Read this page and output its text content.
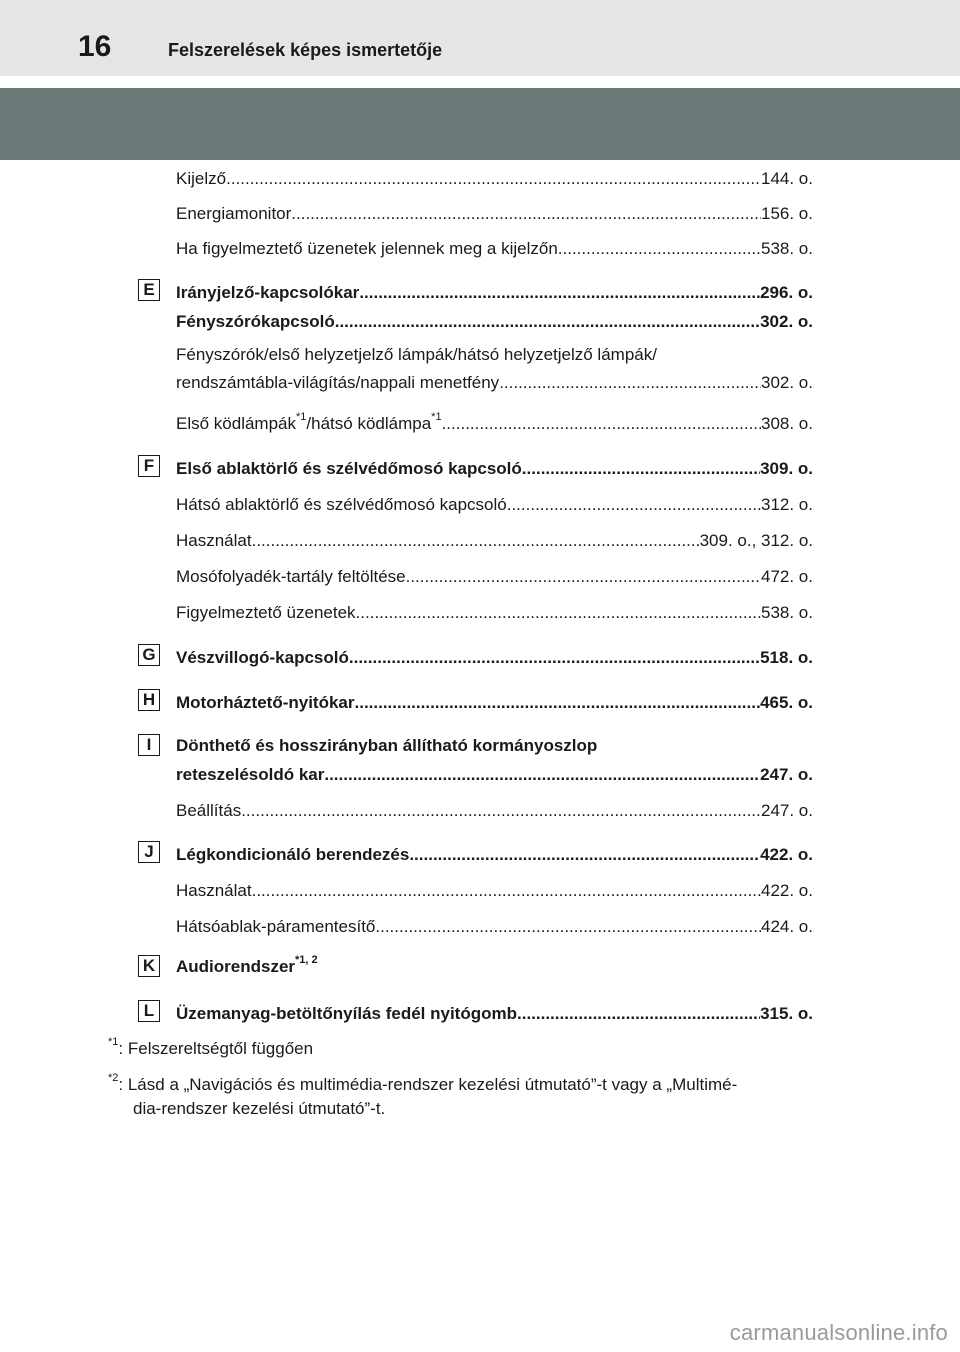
16	Felszerelések képes ismertetője
Kijelző .....	144. o.
Energiamonitor .....	156. o.
Ha figyelmeztető üzenetek jelennek meg a kijelzőn .....	538. o.
E	Irányjelző-kapcsolókar .....	296. o.
Fényszórókapcsoló .....	302. o.
Fényszórók/első helyzetjelző lámpák/hátsó helyzetjelző lámpák/
rendszámtábla-világítás/nappali menetfény .....	302. o.
Első ködlámpák$^{*1}$/hátsó ködlámpa$^{*1}$ .....	308. o.
F	Első ablaktörlő és szélvédőmosó kapcsoló .....	309. o.
Hátsó ablaktörlő és szélvédőmosó kapcsoló .....	312. o.
Használat .....	309. o., 312. o.
Mosófolyadék-tartály feltöltése .....	472. o.
Figyelmeztető üzenetek .....	538. o.
G Vészvillogó-kapcsoló .....	518. o.
H Motorháztető-nyitókar .....	465. o.
I	Dönthető és hosszirányban állítható kormányoszlop
reteszelésoldó kar .....	247. o.
Beállítás .....	247. o.
J	Légkondicionáló berendezés .....	422. o.
Használat .....	422. o.
Hátsóablak-páramentesítő .....	424. o.
K Audiorendszer$^{*1, 2}$
L	Üzemanyag-betöltőnyílás fedél nyitógomb .....	315. o.
$^{*1}$: Felszereltségtől függően
$^{*2}$: Lásd a „Navigációs és multimédia-rendszer kezelési útmutató”-t vagy a „Multimé-
dia-rendszer kezelési útmutató”-t.
carmanualsonline.info
